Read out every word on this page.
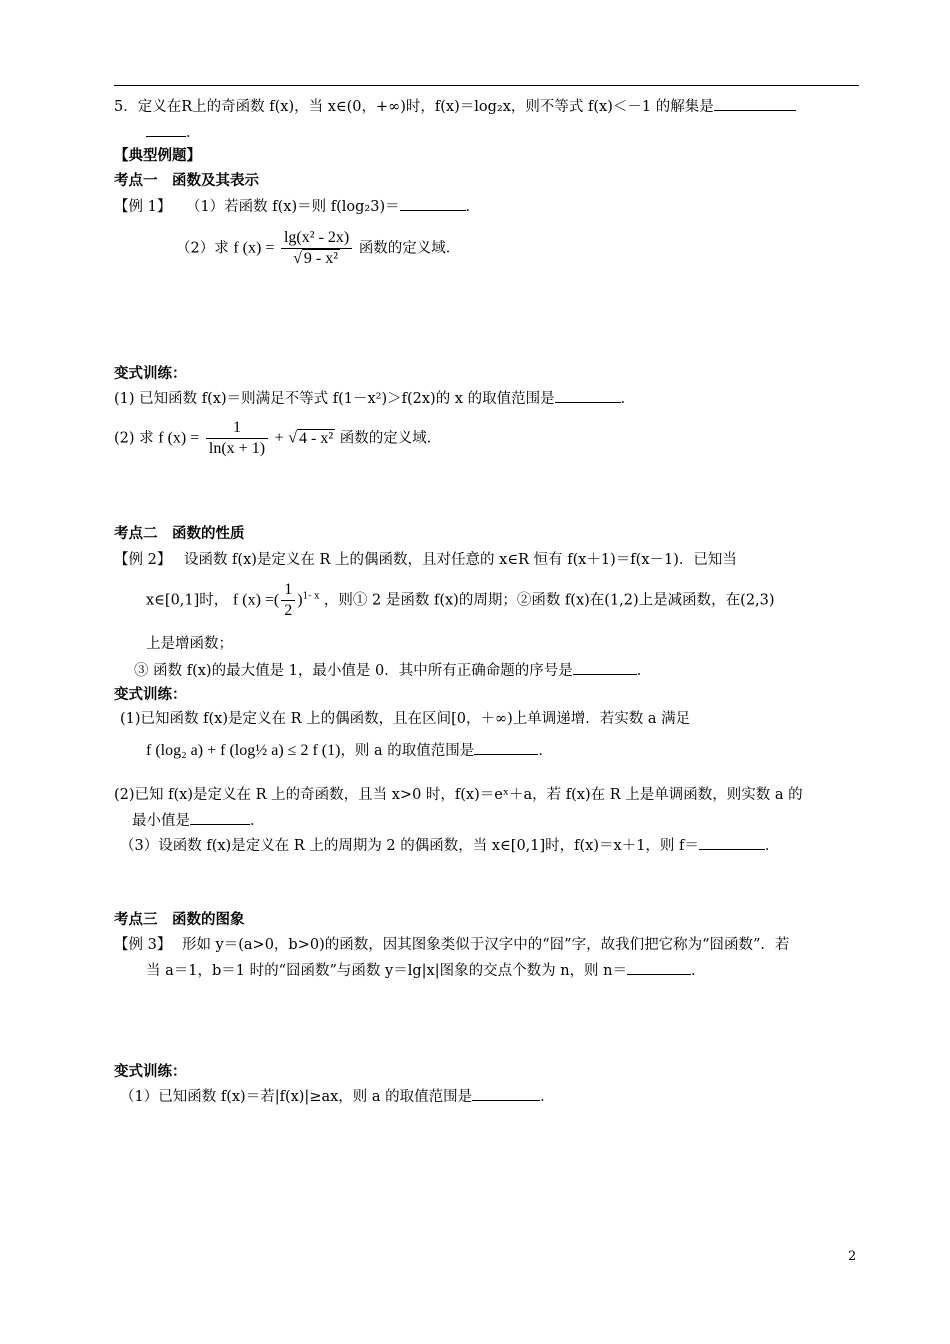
5．定义在R上的奇函数 f(x)，当 x∈(0，+∞)时，f(x)＝log₂x，则不等式 f(x)＜－1 的解集是
．
【典型例题】
考点一　函数及其表示
【例 1】 （1）若函数 f(x)＝则 f(log₂3)＝	．
（2）求 f $(x) = \frac{\text{lg(x² - 2x)}}{\text{√ 9 - x²}}$ 函数的定义域．
变式训练：
(1) 已知函数 f(x)＝则满足不等式 f(1－x²)＞f(2x)的 x 的取值范围是	．
(2) 求 f $(x) = \frac{1}{\ln(x + 1)}$ + √ 4 - x² 函数的定义域．
考点二　函数的性质
【例 2】 设函数 f(x)是定义在 R 上的偶函数，且对任意的 x∈R 恒有 f(x＋1)＝f(x－1)．已知当
x∈[0,1]时， f (x) =( $\frac{1}{2} )^{1- x}$ ，则① 2 是函数 f(x)的周期；②函数 f(x)在(1,2)上是减函数，在(2,3)
上是增函数；
③ 函数 f(x)的最大值是 1，最小值是 0．其中所有正确命题的序号是	．
变式训练：
(1)已知函数 f(x)是定义在 R 上的偶函数，且在区间[0，＋∞)上单调递增．若实数 a 满足
f (log₂ a) + f (log½ a) ≤ 2 f (1)，则 a 的取值范围是	．
(2)已知 f(x)是定义在 R 上的奇函数，且当 x>0 时，f(x)＝eˣ＋a，若 f(x)在 R 上是单调函数，则实数 a 的
最小值是	．
（3）设函数 f(x)是定义在 R 上的周期为 2 的偶函数，当 x∈[0,1]时，f(x)＝x＋1，则 f＝	．
考点三　函数的图象
【例 3】 形如 y＝(a>0，b>0)的函数，因其图象类似于汉字中的“囧”字，故我们把它称为“囧函数”．若
当 a＝1，b＝1 时的“囧函数”与函数 y＝lg|x|图象的交点个数为 n，则 n＝	．
变式训练：
（1）已知函数 f(x)＝若|f(x)|≥ax，则 a 的取值范围是	．
2
